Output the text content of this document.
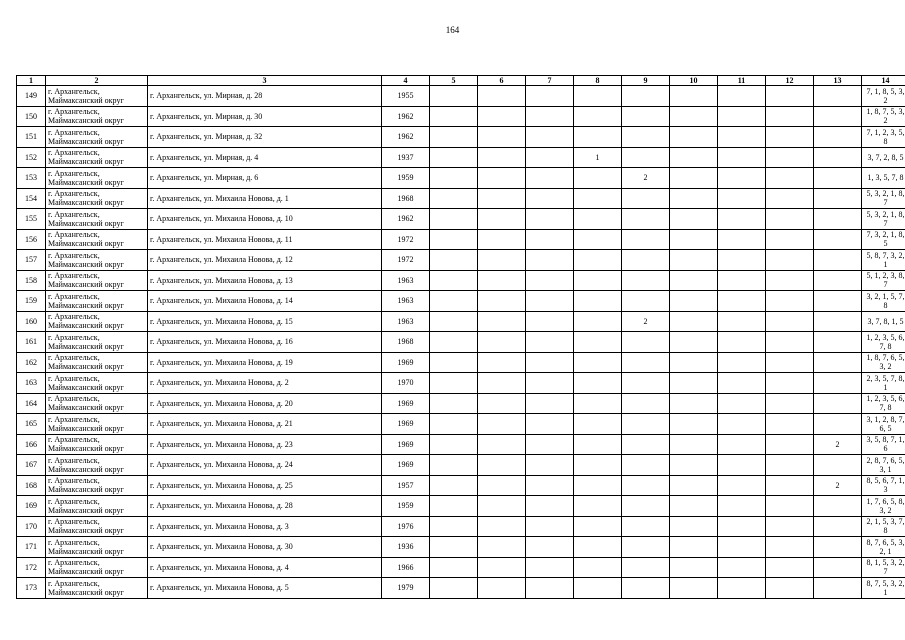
164
1	2	3	4	5	6	7	8	9	10	11	12	13	14
149	г. Архангельск, Маймаксанский округ	г. Архангельск, ул. Мирная, д. 28	1955										7, 1, 8, 5, 3, 2
150	г. Архангельск, Маймаксанский округ	г. Архангельск, ул. Мирная, д. 30	1962										1, 8, 7, 5, 3, 2
151	г. Архангельск, Маймаксанский округ	г. Архангельск, ул. Мирная, д. 32	1962										7, 1, 2, 3, 5, 8
152	г. Архангельск, Маймаксанский округ	г. Архангельск, ул. Мирная, д. 4	1937				1						3, 7, 2, 8, 5
153	г. Архангельск, Маймаксанский округ	г. Архангельск, ул. Мирная, д. 6	1959					2					1, 3, 5, 7, 8
154	г. Архангельск, Маймаксанский округ	г. Архангельск, ул. Михаила Новова, д. 1	1968										5, 3, 2, 1, 8, 7
155	г. Архангельск, Маймаксанский округ	г. Архангельск, ул. Михаила Новова, д. 10	1962										5, 3, 2, 1, 8, 7
156	г. Архангельск, Маймаксанский округ	г. Архангельск, ул. Михаила Новова, д. 11	1972										7, 3, 2, 1, 8, 5
157	г. Архангельск, Маймаксанский округ	г. Архангельск, ул. Михаила Новова, д. 12	1972										5, 8, 7, 3, 2, 1
158	г. Архангельск, Маймаксанский округ	г. Архангельск, ул. Михаила Новова, д. 13	1963										5, 1, 2, 3, 8, 7
159	г. Архангельск, Маймаксанский округ	г. Архангельск, ул. Михаила Новова, д. 14	1963										3, 2, 1, 5, 7, 8
160	г. Архангельск, Маймаксанский округ	г. Архангельск, ул. Михаила Новова, д. 15	1963					2					3, 7, 8, 1, 5
161	г. Архангельск, Маймаксанский округ	г. Архангельск, ул. Михаила Новова, д. 16	1968										1, 2, 3, 5, 6, 7, 8
162	г. Архангельск, Маймаксанский округ	г. Архангельск, ул. Михаила Новова, д. 19	1969										1, 8, 7, 6, 5, 3, 2
163	г. Архангельск, Маймаксанский округ	г. Архангельск, ул. Михаила Новова, д. 2	1970										2, 3, 5, 7, 8, 1
164	г. Архангельск, Маймаксанский округ	г. Архангельск, ул. Михаила Новова, д. 20	1969										1, 2, 3, 5, 6, 7, 8
165	г. Архангельск, Маймаксанский округ	г. Архангельск, ул. Михаила Новова, д. 21	1969										3, 1, 2, 8, 7, 6, 5
166	г. Архангельск, Маймаксанский округ	г. Архангельск, ул. Михаила Новова, д. 23	1969									2	3, 5, 8, 7, 1, 6
167	г. Архангельск, Маймаксанский округ	г. Архангельск, ул. Михаила Новова, д. 24	1969										2, 8, 7, 6, 5, 3, 1
168	г. Архангельск, Маймаксанский округ	г. Архангельск, ул. Михаила Новова, д. 25	1957									2	8, 5, 6, 7, 1, 3
169	г. Архангельск, Маймаксанский округ	г. Архангельск, ул. Михаила Новова, д. 28	1959										1, 7, 6, 5, 8, 3, 2
170	г. Архангельск, Маймаксанский округ	г. Архангельск, ул. Михаила Новова, д. 3	1976										2, 1, 5, 3, 7, 8
171	г. Архангельск, Маймаксанский округ	г. Архангельск, ул. Михаила Новова, д. 30	1936										8, 7, 6, 5, 3, 2, 1
172	г. Архангельск, Маймаксанский округ	г. Архангельск, ул. Михаила Новова, д. 4	1966										8, 1, 5, 3, 2, 7
173	г. Архангельск, Маймаксанский округ	г. Архангельск, ул. Михаила Новова, д. 5	1979										8, 7, 5, 3, 2, 1
